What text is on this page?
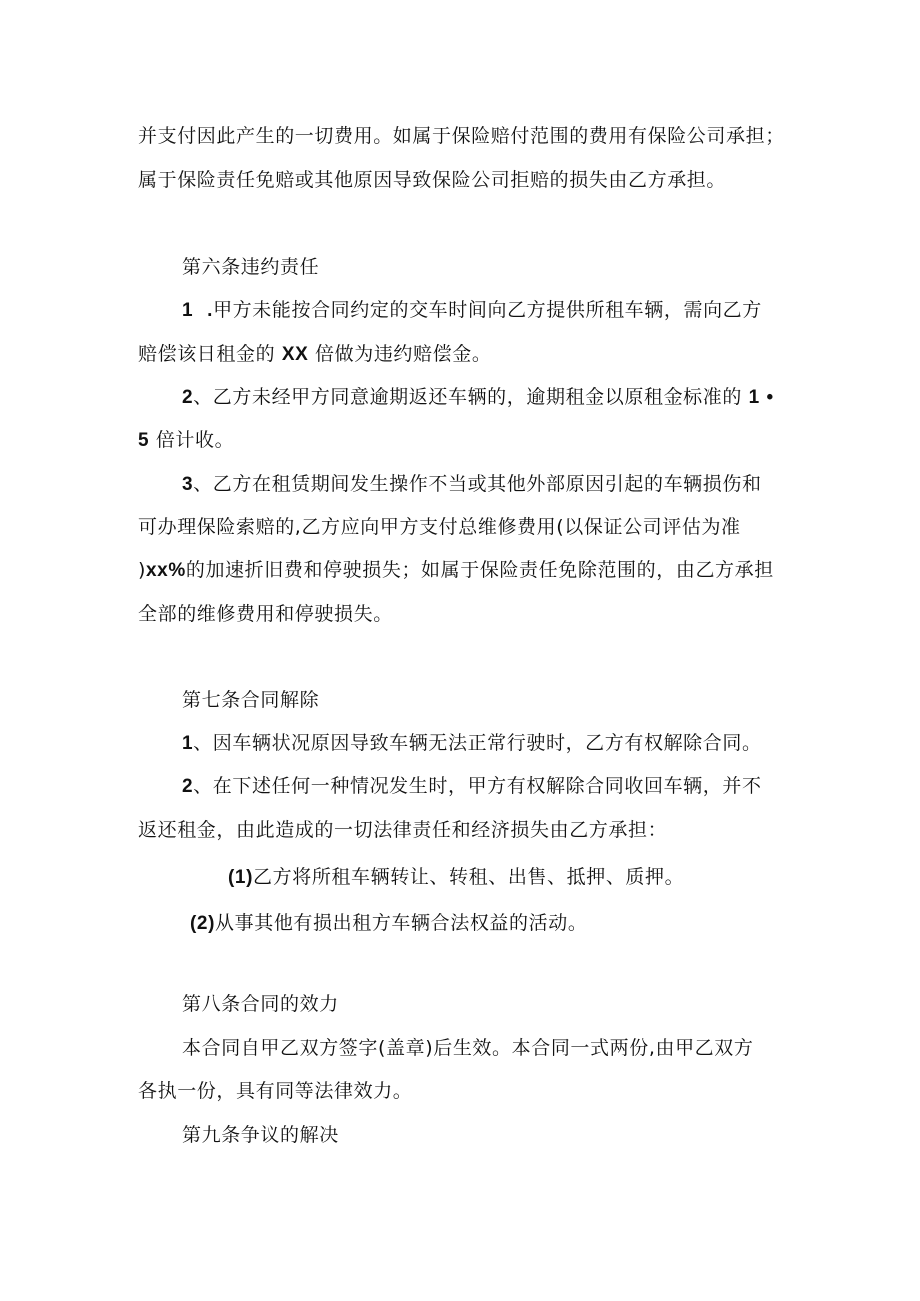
并支付因此产生的一切费用。如属于保险赔付范围的费用有保险公司承担；
属于保险责任免赔或其他原因导致保险公司拒赔的损失由乙方承担。
第六条违约责任
1 .甲方未能按合同约定的交车时间向乙方提供所租车辆，需向乙方
赔偿该日租金的 XX 倍做为违约赔偿金。
2、乙方未经甲方同意逾期返还车辆的，逾期租金以原租金标准的 1 •
5 倍计收。
3、乙方在租赁期间发生操作不当或其他外部原因引起的车辆损伤和
可办理保险索赔的,乙方应向甲方支付总维修费用(以保证公司评估为准
)xx%的加速折旧费和停驶损失；如属于保险责任免除范围的，由乙方承担
全部的维修费用和停驶损失。
第七条合同解除
1、因车辆状况原因导致车辆无法正常行驶时，乙方有权解除合同。
2、在下述任何一种情况发生时，甲方有权解除合同收回车辆，并不
返还租金，由此造成的一切法律责任和经济损失由乙方承担：
(1)乙方将所租车辆转让、转租、出售、抵押、质押。
(2)从事其他有损出租方车辆合法权益的活动。
第八条合同的效力
本合同自甲乙双方签字(盖章)后生效。本合同一式两份,由甲乙双方
各执一份，具有同等法律效力。
第九条争议的解决
